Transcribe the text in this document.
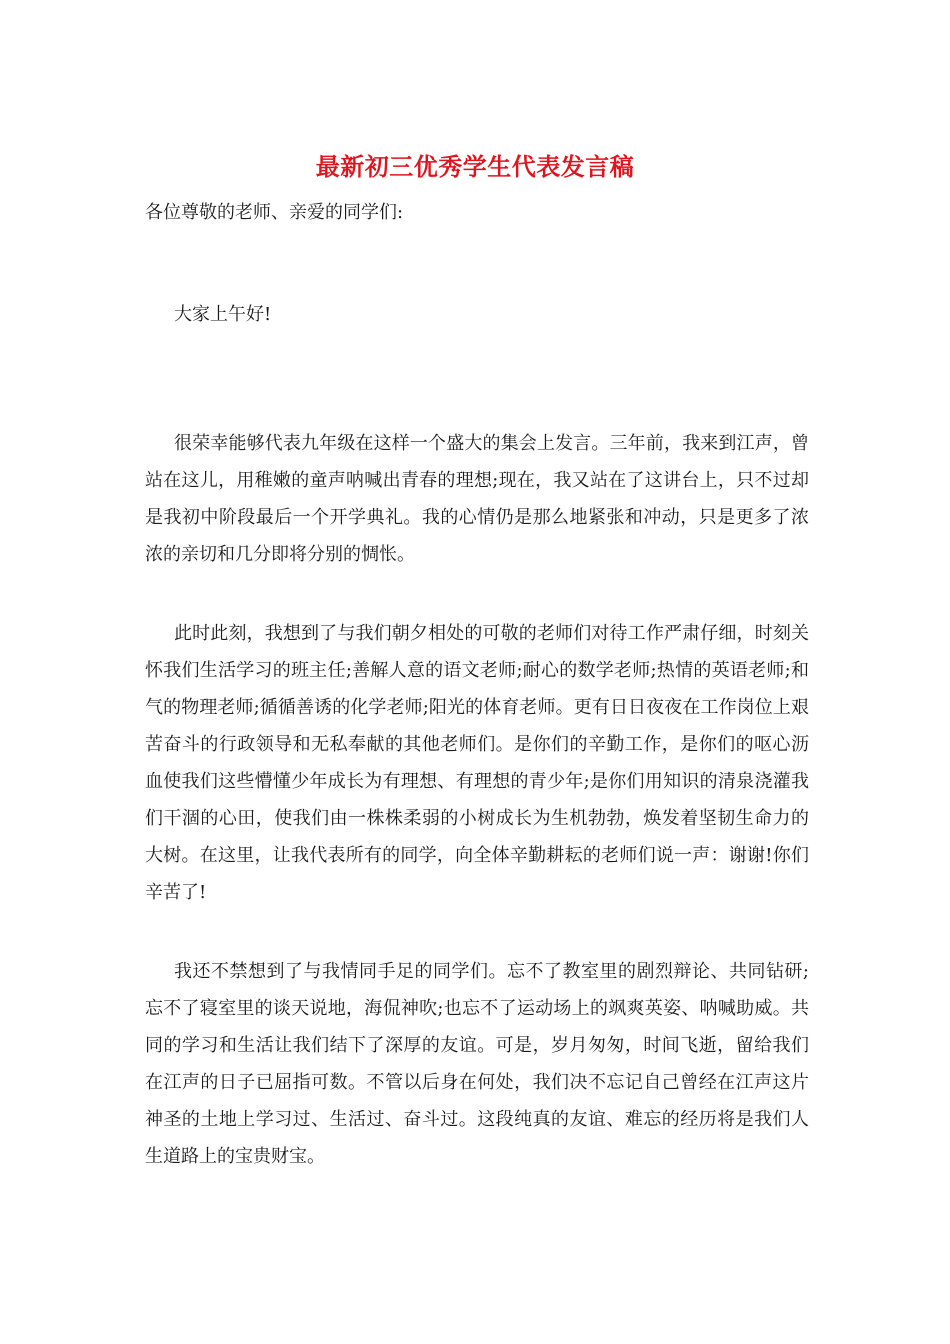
最新初三优秀学生代表发言稿

各位尊敬的老师、亲爱的同学们:

大家上午好!

很荣幸能够代表九年级在这样一个盛大的集会上发言。三年前，我来到江声，曾站在这儿，用稚嫩的童声呐喊出青春的理想;现在，我又站在了这讲台上，只不过却是我初中阶段最后一个开学典礼。我的心情仍是那么地紧张和冲动，只是更多了浓浓的亲切和几分即将分别的惆怅。

此时此刻，我想到了与我们朝夕相处的可敬的老师们对待工作严肃仔细，时刻关怀我们生活学习的班主任;善解人意的语文老师;耐心的数学老师;热情的英语老师;和气的物理老师;循循善诱的化学老师;阳光的体育老师。更有日日夜夜在工作岗位上艰苦奋斗的行政领导和无私奉献的其他老师们。是你们的辛勤工作，是你们的呕心沥血使我们这些懵懂少年成长为有理想、有理想的青少年;是你们用知识的清泉浇灌我们干涸的心田，使我们由一株株柔弱的小树成长为生机勃勃，焕发着坚韧生命力的大树。在这里，让我代表所有的同学，向全体辛勤耕耘的老师们说一声：谢谢!你们辛苦了!

我还不禁想到了与我情同手足的同学们。忘不了教室里的剧烈辩论、共同钻研;忘不了寝室里的谈天说地，海侃神吹;也忘不了运动场上的飒爽英姿、呐喊助威。共同的学习和生活让我们结下了深厚的友谊。可是，岁月匆匆，时间飞逝，留给我们在江声的日子已屈指可数。不管以后身在何处，我们决不忘记自己曾经在江声这片神圣的土地上学习过、生活过、奋斗过。这段纯真的友谊、难忘的经历将是我们人生道路上的宝贵财宝。
